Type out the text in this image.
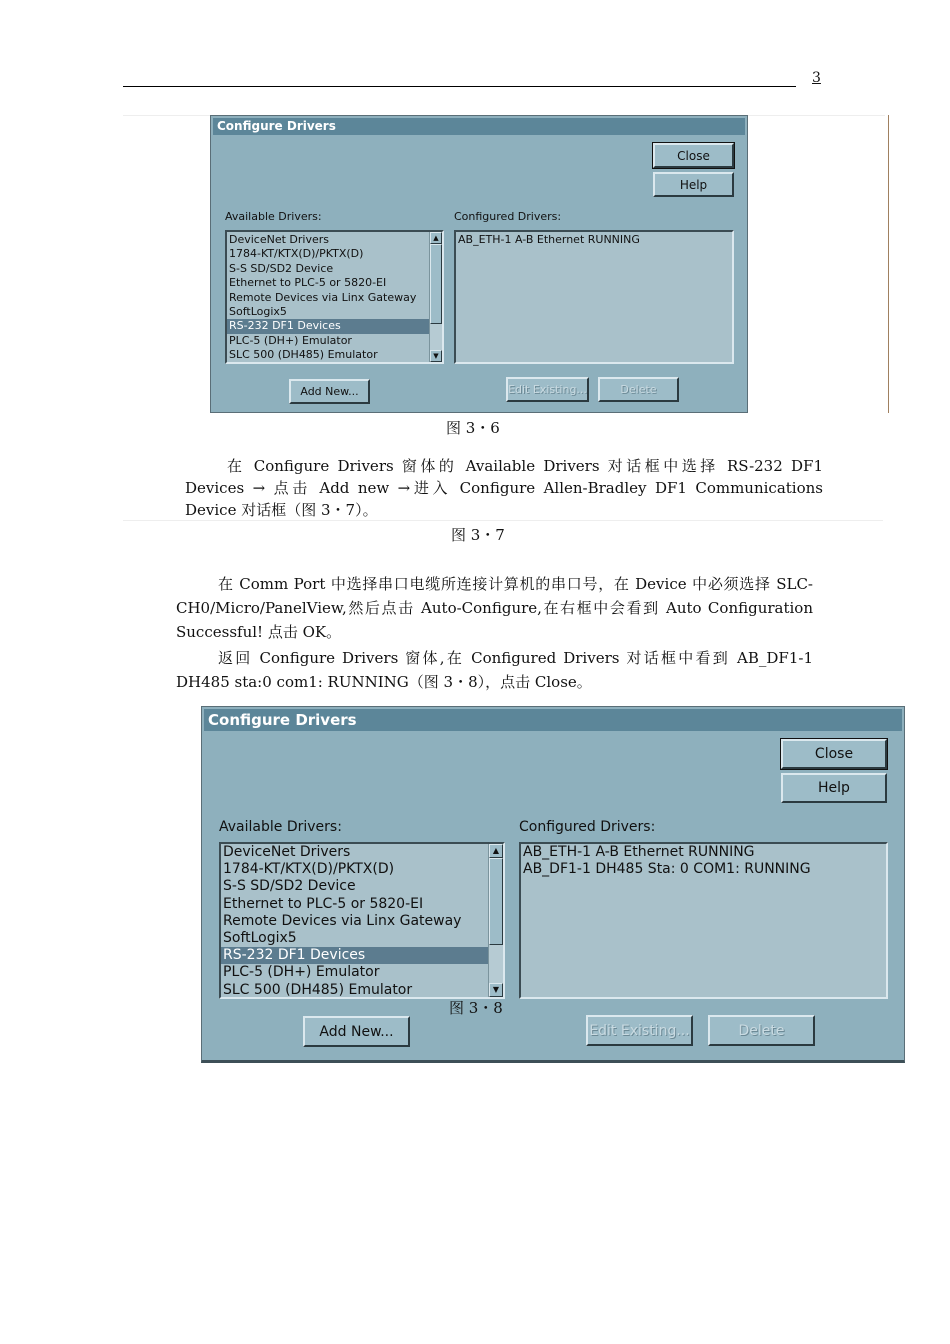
3
Configure Drivers
Close
Help
Available Drivers:	Configured Drivers:
DeviceNet Drivers
1784-KT/KTX(D)/PKTX(D)
S-S SD/SD2 Device
Ethernet to PLC-5 or 5820-EI
Remote Devices via Linx Gateway
SoftLogix5
RS-232 DF1 Devices
PLC-5 (DH+) Emulator
SLC 500 (DH485) Emulator
▲
▼
AB_ETH-1 A-B Ethernet RUNNING
Add New...	Edit Existing...	Delete
图 3・6
在 Configure Drivers 窗体的 Available Drivers 对话框中选择 RS-232 DF1 Devices → 点击 Add new →进入 Configure Allen-Bradley DF1 Communications Device 对话框（图 3・7）。
图 3・7
在 Comm Port 中选择串口电缆所连接计算机的串口号，在 Device 中必须选择 SLC-CH0/Micro/PanelView,然后点击 Auto-Configure,在右框中会看到 Auto Configuration Successful! 点击 OK。
返回 Configure Drivers 窗体,在 Configured Drivers 对话框中看到 AB_DF1-1 DH485 sta:0 com1: RUNNING（图 3・8），点击 Close。
Configure Drivers
Close
Help
Available Drivers:	Configured Drivers:
DeviceNet Drivers
1784-KT/KTX(D)/PKTX(D)
S-S SD/SD2 Device
Ethernet to PLC-5 or 5820-EI
Remote Devices via Linx Gateway
SoftLogix5
RS-232 DF1 Devices
PLC-5 (DH+) Emulator
SLC 500 (DH485) Emulator
▲
▼
AB_ETH-1 A-B Ethernet RUNNING
AB_DF1-1 DH485 Sta: 0 COM1: RUNNING
Add New...	Edit Existing...	Delete
图 3・8
